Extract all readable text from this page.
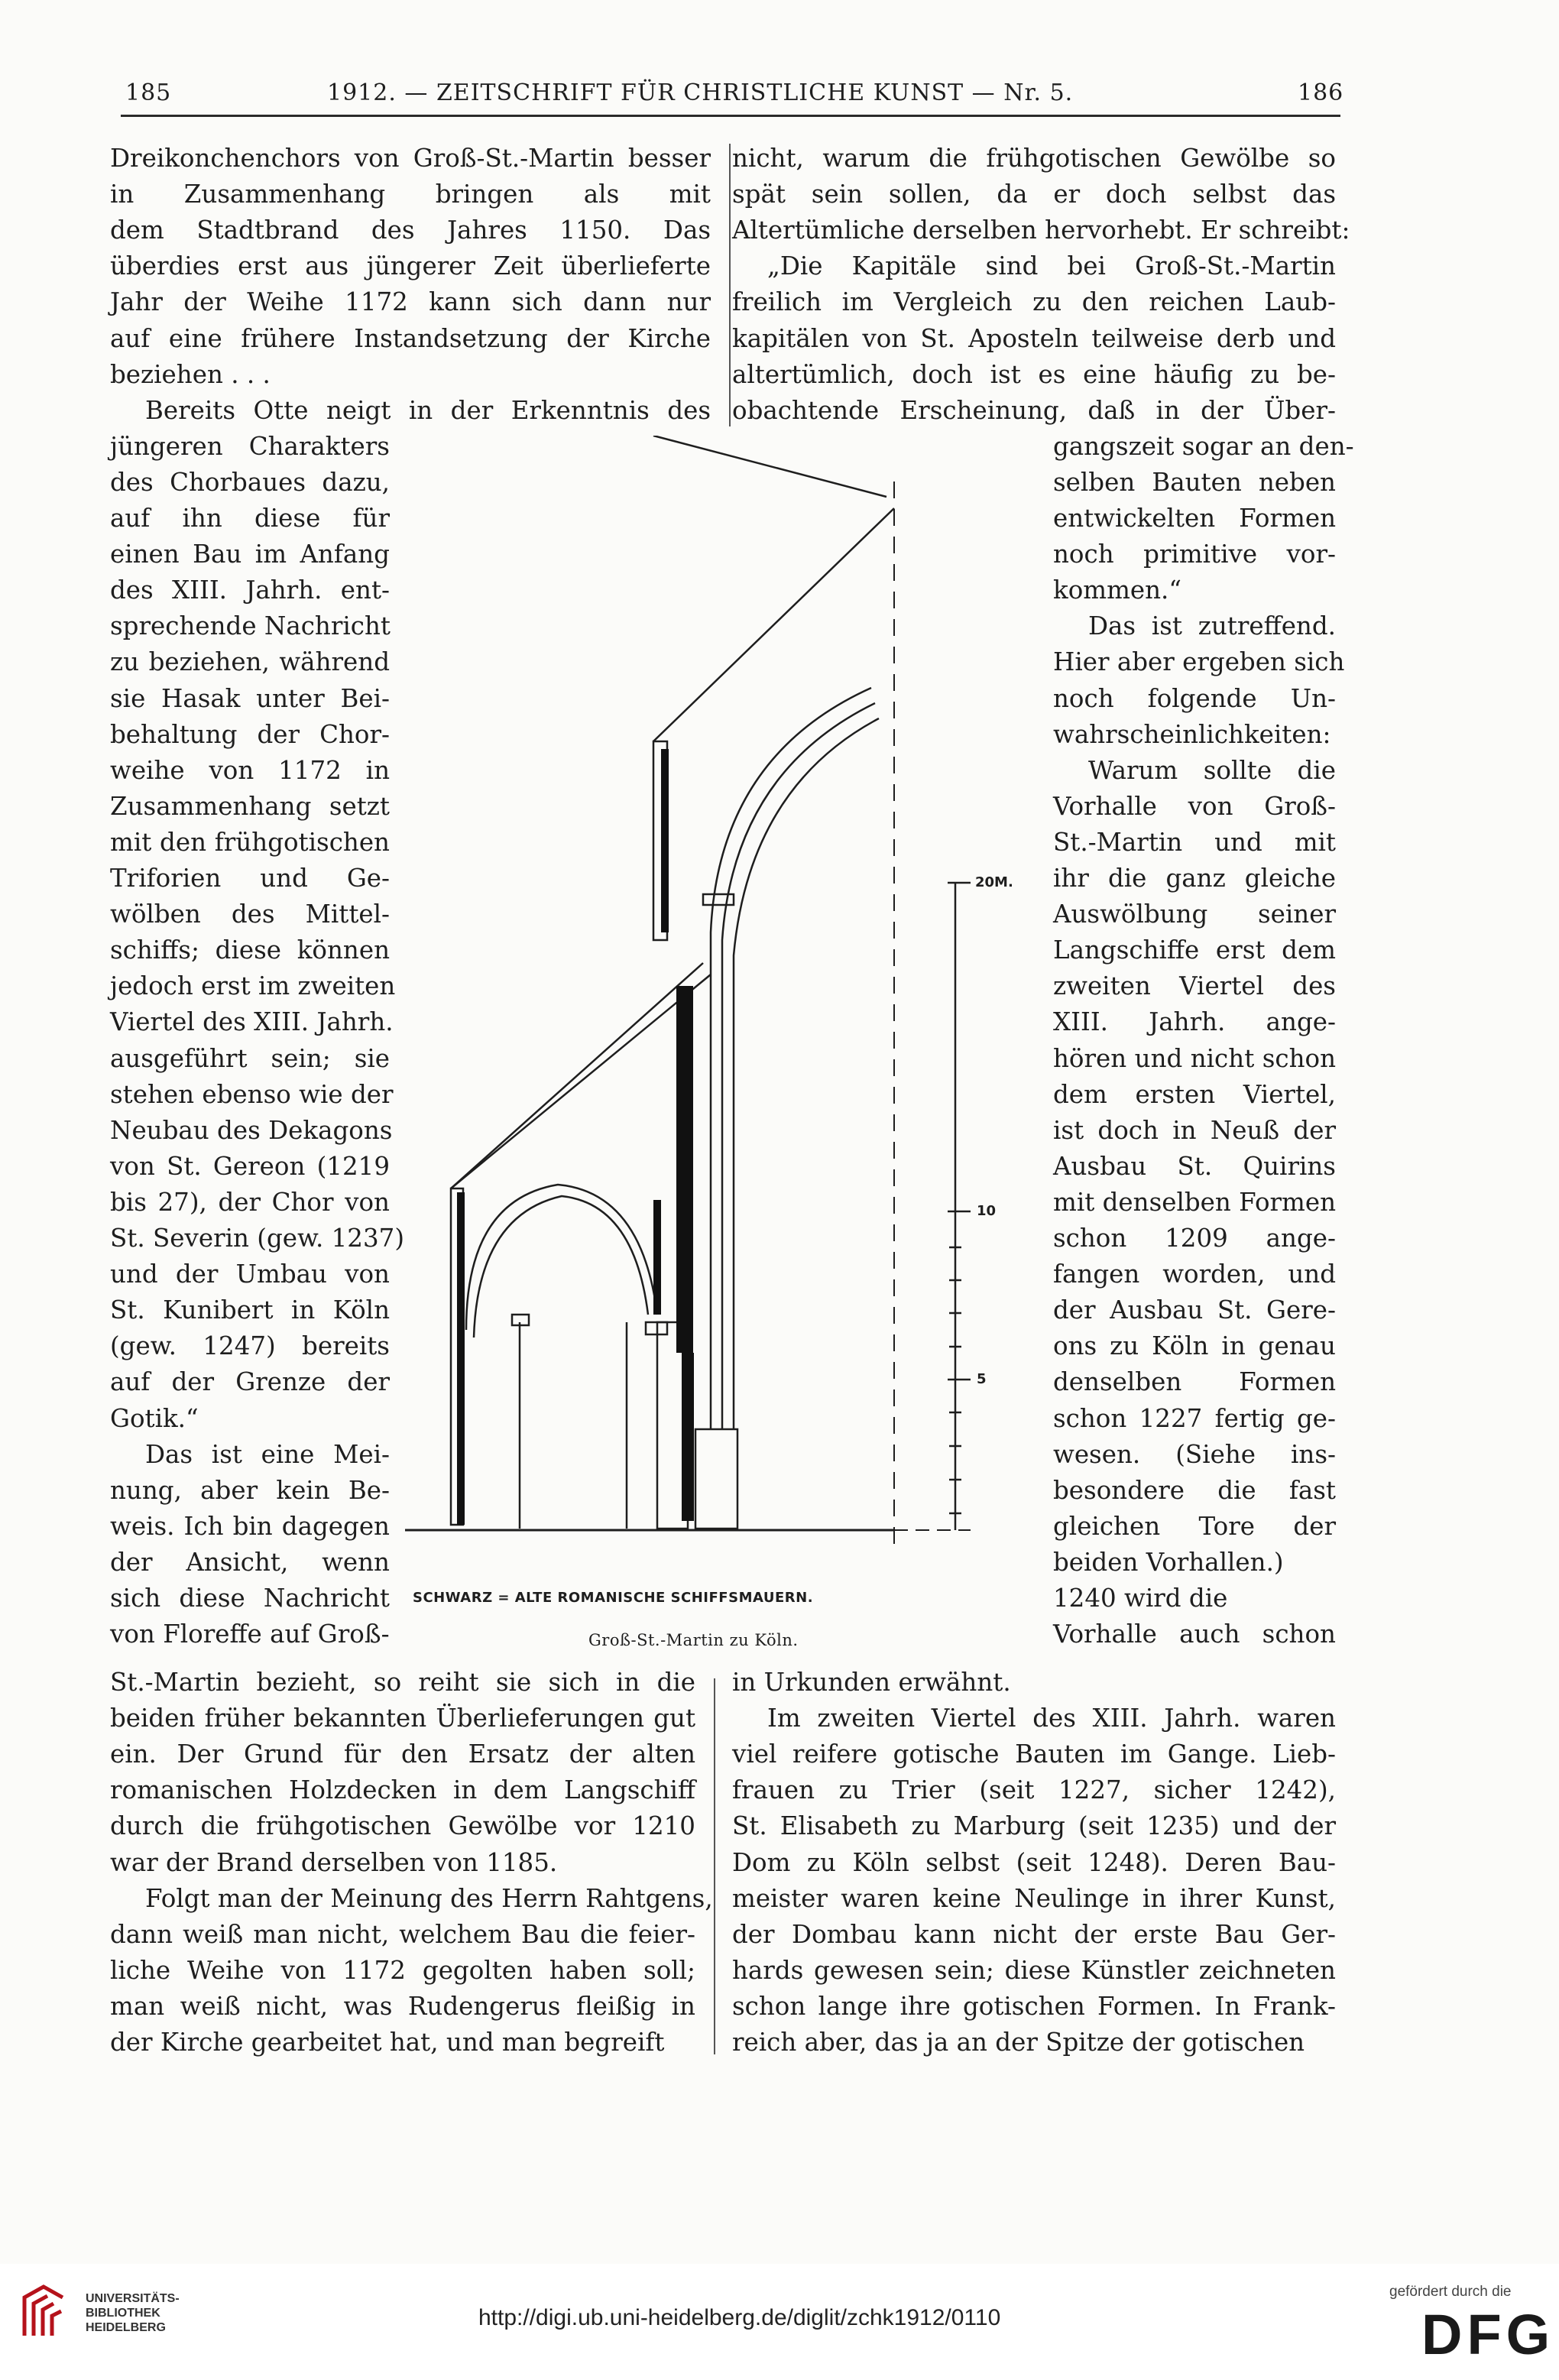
185	1912. — ZEITSCHRIFT FÜR CHRISTLICHE KUNST — Nr. 5.	186
Dreikonchenchors von Groß-St.-Martin besser
in Zusammenhang bringen als mit
dem Stadtbrand des Jahres 1150. Das
überdies erst aus jüngerer Zeit überlieferte
Jahr der Weihe 1172 kann sich dann nur
auf eine frühere Instandsetzung der Kirche
beziehen . . .
Bereits Otte neigt in der Erkenntnis des
jüngeren Charakters
des Chorbaues dazu,
auf ihn diese für
einen Bau im Anfang
des XIII. Jahrh. ent-
sprechende Nachricht
zu beziehen, während
sie Hasak unter Bei-
behaltung der Chor-
weihe von 1172 in
Zusammenhang setzt
mit den frühgotischen
Triforien und Ge-
wölben des Mittel-
schiffs; diese können
jedoch erst im zweiten
Viertel des XIII. Jahrh.
ausgeführt sein; sie
stehen ebenso wie der
Neubau des Dekagons
von St. Gereon (1219
bis 27), der Chor von
St. Severin (gew. 1237)
und der Umbau von
St. Kunibert in Köln
(gew. 1247) bereits
auf der Grenze der
Gotik.“
Das ist eine Mei-
nung, aber kein Be-
weis. Ich bin dagegen
der Ansicht, wenn
sich diese Nachricht
von Floreffe auf Groß-
St.-Martin bezieht, so reiht sie sich in die
beiden früher bekannten Überlieferungen gut
ein. Der Grund für den Ersatz der alten
romanischen Holzdecken in dem Langschiff
durch die frühgotischen Gewölbe vor 1210
war der Brand derselben von 1185.
Folgt man der Meinung des Herrn Rahtgens,
dann weiß man nicht, welchem Bau die feier-
liche Weihe von 1172 gegolten haben soll;
man weiß nicht, was Rudengerus fleißig in
der Kirche gearbeitet hat, und man begreift
nicht, warum die frühgotischen Gewölbe so
spät sein sollen, da er doch selbst das
Altertümliche derselben hervorhebt. Er schreibt:
„Die Kapitäle sind bei Groß-St.-Martin
freilich im Vergleich zu den reichen Laub-
kapitälen von St. Aposteln teilweise derb und
altertümlich, doch ist es eine häufig zu be-
obachtende Erscheinung, daß in der Über-
gangszeit sogar an den-
selben Bauten neben
entwickelten Formen
noch primitive vor-
kommen.“
Das ist zutreffend.
Hier aber ergeben sich
noch folgende Un-
wahrscheinlichkeiten:
Warum sollte die
Vorhalle von Groß-
St.-Martin und mit
ihr die ganz gleiche
Auswölbung seiner
Langschiffe erst dem
zweiten Viertel des
XIII. Jahrh. ange-
hören und nicht schon
dem ersten Viertel,
ist doch in Neuß der
Ausbau St. Quirins
mit denselben Formen
schon 1209 ange-
fangen worden, und
der Ausbau St. Gere-
ons zu Köln in genau
denselben Formen
schon 1227 fertig ge-
wesen. (Siehe ins-
besondere die fast
gleichen Tore der
beiden Vorhallen.)
1240 wird die
Vorhalle auch schon
in Urkunden erwähnt.
Im zweiten Viertel des XIII. Jahrh. waren
viel reifere gotische Bauten im Gange. Lieb-
frauen zu Trier (seit 1227, sicher 1242),
St. Elisabeth zu Marburg (seit 1235) und der
Dom zu Köln selbst (seit 1248). Deren Bau-
meister waren keine Neulinge in ihrer Kunst,
der Dombau kann nicht der erste Bau Ger-
hards gewesen sein; diese Künstler zeichneten
schon lange ihre gotischen Formen. In Frank-
reich aber, das ja an der Spitze der gotischen
20M.
10
5
SCHWARZ = ALTE ROMANISCHE SCHIFFSMAUERN.
Groß-St.-Martin zu Köln.
UNIVERSITÄTS-
BIBLIOTHEK
HEIDELBERG	http://digi.ub.uni-heidelberg.de/diglit/zchk1912/0110
gefördert durch die
DFG
